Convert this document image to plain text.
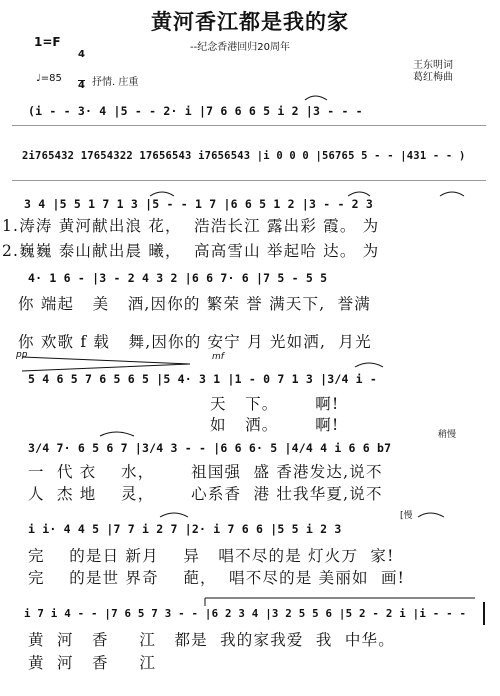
黄河香江都是我的家
1=F

4

4

--纪念香港回归20周年
王东明词
葛红梅曲
♩=85	抒情. 庄重
(i - - 3· 4 |5 - - 2· i |7 6 6 6 5 i 2 |3 - - -
2i765432 17654322 17656543 i7656543 |i 0 0 0 |56765 5 - - |431 - - )
3 4 |5 5 1 7 1 3 |5 - - 1 7 |6 6 5 1 2 |3 - - 2 3
1.涛涛 黄河献出浪 花，  浩浩长江 露出彩 霞。 为
2.巍巍 泰山献出晨 曦，  高高雪山 举起哈 达。 为
4· 1 6 - |3 - 2 4 3 2 |6 6 7· 6 |7 5 - 5 5
你 端起   美   酒,因你的 繁荣 誉 满天下,  誉满
你 欢歌 f 载   舞,因你的 安宁 月 光如洒,  月光
pp	mf
5 4 6 5 7 6 5 6 5 |5 4· 3 1 |1 - 0 7 1 3 |3/4 i -
天   下。      啊!
如   洒。      啊!
稍慢
3/4 7· 6 5 6 7 |3/4 3 - - |6 6 6· 5 |4/4 4 i 6 6 b7
一  代 衣    水，      祖国强  盛 香港发达,说不
人  杰 地    灵，      心系香  港 壮我华夏,说不
[慢
i i· 4 4 5 |7 7 i 2 7 |2· i 7 6 6 |5 5 i 2 3
完    的是日 新月    异   唱不尽的是 灯火万  家!
完    的是世 界奇    葩，  唱不尽的是 美丽如  画!
i 7 i 4 - - |7 6 5 7 3 - - |6 2 3 4 |3 2 5 5 6 |5 2 - 2 i |i - - -
黄  河   香     江   都是  我的家我爱  我  中华。
黄  河   香     江
